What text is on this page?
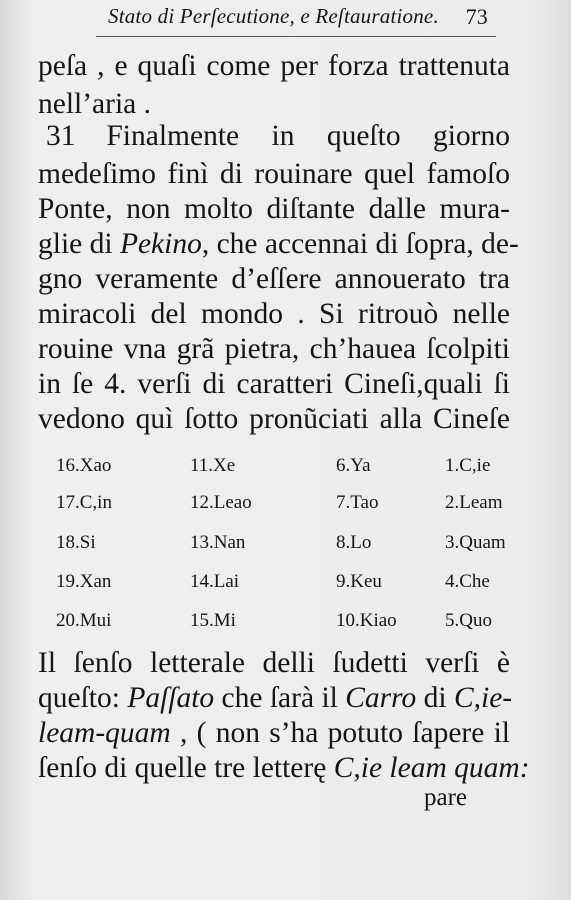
Stato di Perſecutione, e Reſtauratione. 73
peſa , e quaſi come per forza trattenuta
nell’aria .
31 Finalmente in queſto giorno
medeſimo finì di rouinare quel famoſo
Ponte, non molto diſtante dalle mura-
glie di Pekino, che accennai di ſopra, de-
gno veramente d’eſſere annouerato tra
miracoli del mondo . Si ritrouò nelle
rouine vna grã pietra, ch’hauea ſcolpiti
in ſe 4. verſi di caratteri Cineſi,quali ſi
vedono quì ſotto pronũciati alla Cineſe
16.Xao	11.Xe	6.Ya	1.C,ie
17.C,in	12.Leao	7.Tao	2.Leam
18.Si	13.Nan	8.Lo	3.Quam
19.Xan	14.Lai	9.Keu	4.Che
20.Mui	15.Mi	10.Kiao	5.Quo
Il ſenſo letterale delli ſudetti verſi è
queſto: Paſſato che ſarà il Carro di C,ie-
leam-quam , ( non s’ha potuto ſapere il
ſenſo di quelle tre letterę C,ie leam quam:
pare
